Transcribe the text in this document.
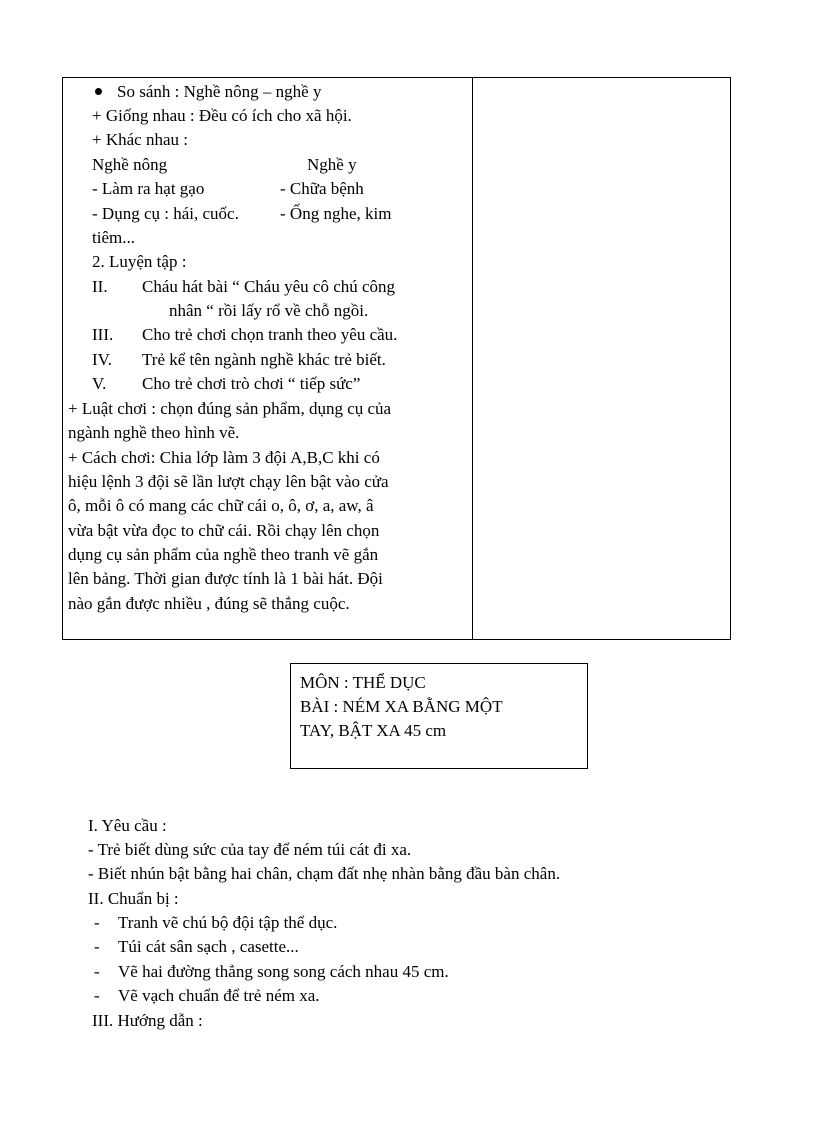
So sánh : Nghề nông – nghề y
+ Giống nhau : Đều có ích cho xã hội.
+ Khác nhau :
Nghề nông	Nghề y
- Làm ra hạt gạo	- Chữa bệnh
- Dụng cụ : hái, cuốc. - Ống nghe, kim
tiêm...
2. Luyện tập :
II. Cháu hát bài “ Cháu yêu cô chú công
nhân “ rồi lấy rổ về chỗ ngồi.
III. Cho trẻ chơi chọn tranh theo yêu cầu.
IV. Trẻ kể tên ngành nghề khác trẻ biết.
V. Cho trẻ chơi trò chơi “ tiếp sức”
+ Luật chơi : chọn đúng sản phẩm, dụng cụ của
ngành nghề theo hình vẽ.
+ Cách chơi: Chia lớp làm 3 đội A,B,C khi có
hiệu lệnh 3 đội sẽ lần lượt chạy lên bật vào cửa
ô, mỗi ô có mang các chữ cái o, ô, ơ, a, aw, â
vừa bật vừa đọc to chữ cái. Rồi chạy lên chọn
dụng cụ sản phẩm của nghề theo tranh vẽ gắn
lên bảng. Thời gian được tính là 1 bài hát. Đội
nào gắn được nhiều , đúng sẽ thắng cuộc.
MÔN : THỂ DỤC
BÀI : NÉM XA BẰNG MỘT
TAY, BẬT XA 45 cm
I. Yêu cầu :
- Trẻ biết dùng sức của tay để ném túi cát đi xa.
- Biết nhún bật bằng hai chân, chạm đất nhẹ nhàn bằng đầu bàn chân.
II. Chuẩn bị :
- Tranh vẽ chú bộ đội tập thể dục.
- Túi cát sân sạch , casette...
- Vẽ hai đường thẳng song song cách nhau 45 cm.
- Vẽ vạch chuẩn để trẻ ném xa.
III. Hướng dẫn :
